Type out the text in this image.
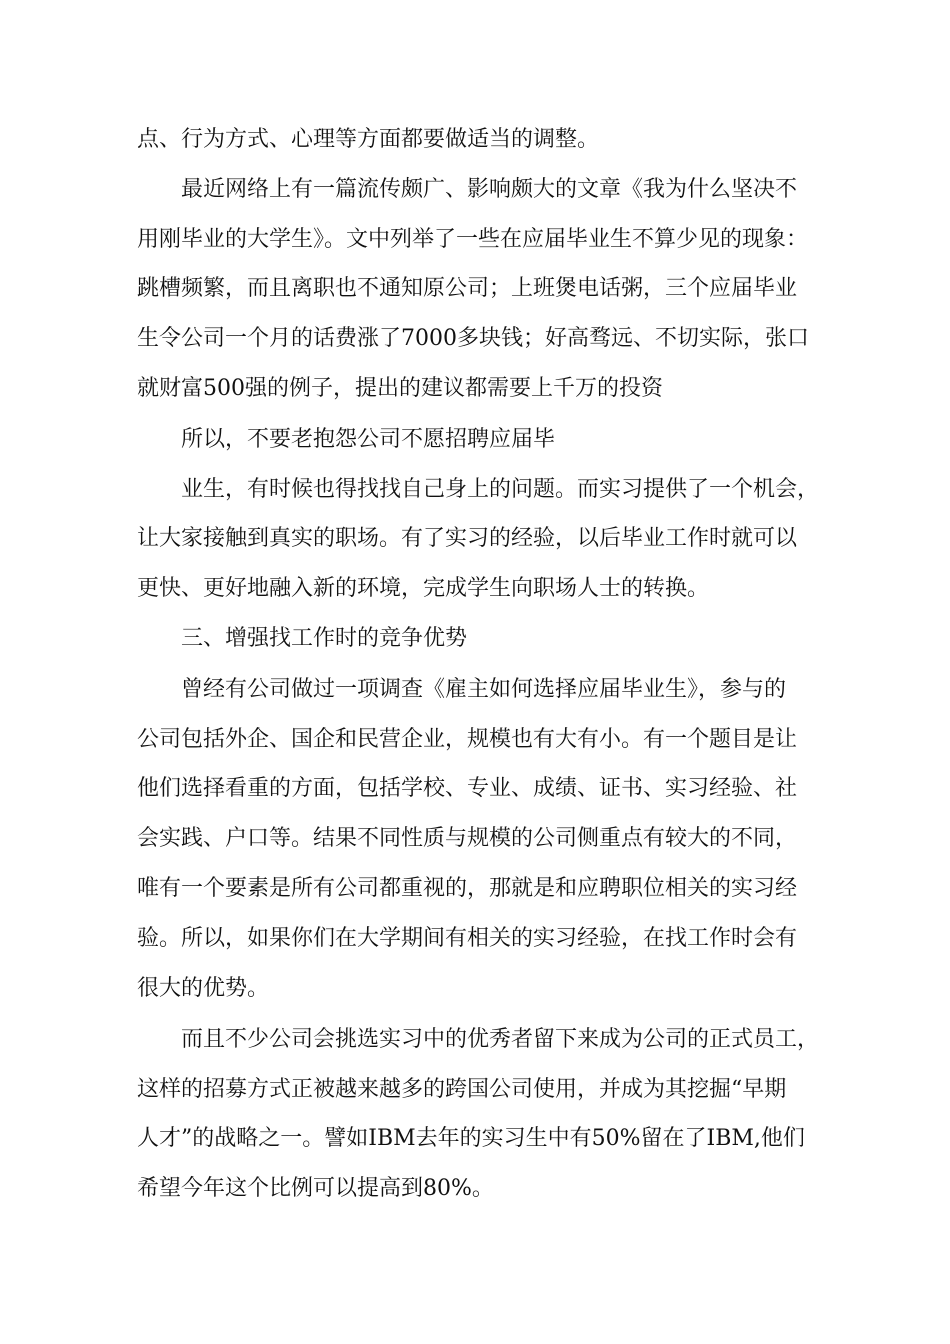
点、行为方式、心理等方面都要做适当的调整。
最近网络上有一篇流传颇广、影响颇大的文章《我为什么坚决不
用刚毕业的大学生》。文中列举了一些在应届毕业生不算少见的现象：
跳槽频繁，而且离职也不通知原公司；上班煲电话粥，三个应届毕业
生令公司一个月的话费涨了7000多块钱；好高骛远、不切实际，张口
就财富500强的例子，提出的建议都需要上千万的投资
所以，不要老抱怨公司不愿招聘应届毕
业生，有时候也得找找自己身上的问题。而实习提供了一个机会，
让大家接触到真实的职场。有了实习的经验，以后毕业工作时就可以
更快、更好地融入新的环境，完成学生向职场人士的转换。
三、增强找工作时的竞争优势
曾经有公司做过一项调查《雇主如何选择应届毕业生》，参与的
公司包括外企、国企和民营企业，规模也有大有小。有一个题目是让
他们选择看重的方面，包括学校、专业、成绩、证书、实习经验、社
会实践、户口等。结果不同性质与规模的公司侧重点有较大的不同，
唯有一个要素是所有公司都重视的，那就是和应聘职位相关的实习经
验。所以，如果你们在大学期间有相关的实习经验，在找工作时会有
很大的优势。
而且不少公司会挑选实习中的优秀者留下来成为公司的正式员工，
这样的招募方式正被越来越多的跨国公司使用，并成为其挖掘“早期
人才”的战略之一。譬如IBM去年的实习生中有50%留在了IBM,他们
希望今年这个比例可以提高到80%。
